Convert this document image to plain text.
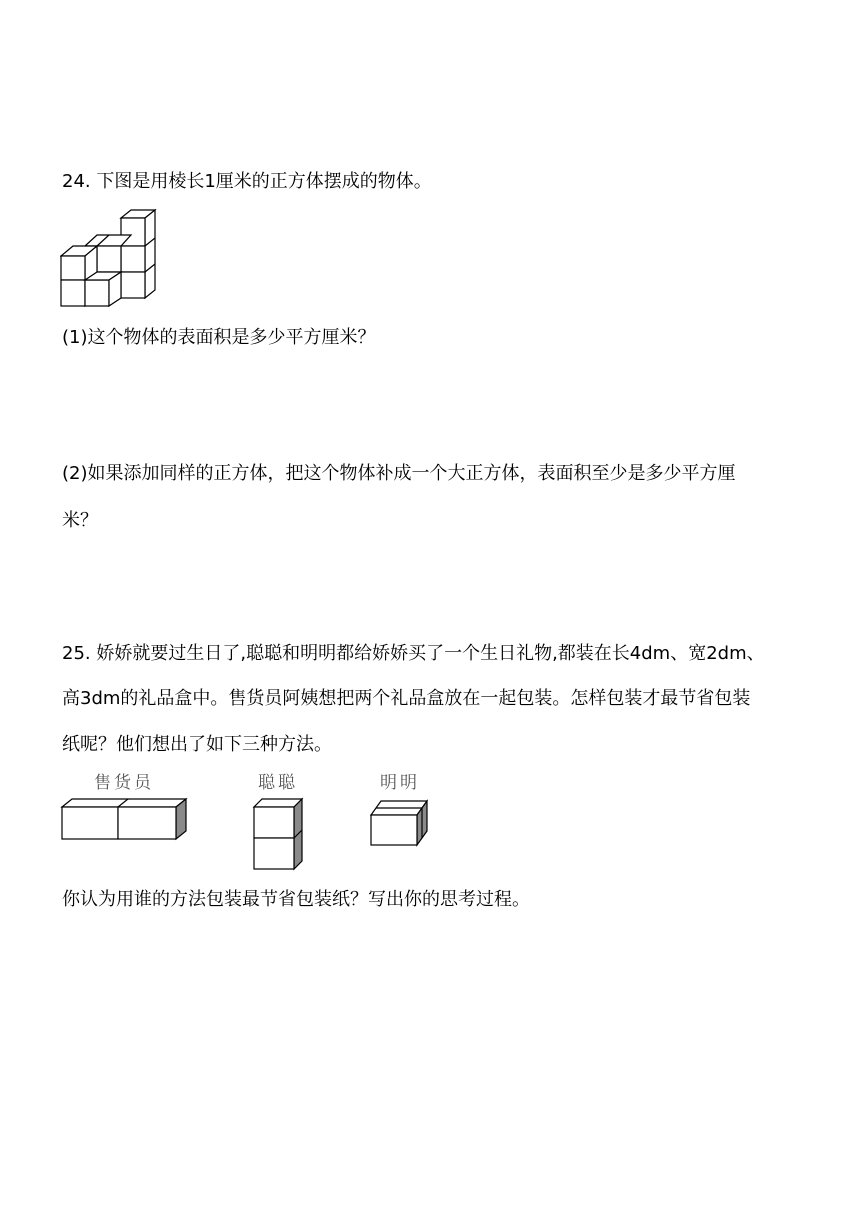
24. 下图是用棱长1厘米的正方体摆成的物体。
(1)这个物体的表面积是多少平方厘米？
(2)如果添加同样的正方体，把这个物体补成一个大正方体，表面积至少是多少平方厘
米？
25. 娇娇就要过生日了,聪聪和明明都给娇娇买了一个生日礼物,都装在长4dm、宽2dm、
高3dm的礼品盒中。售货员阿姨想把两个礼品盒放在一起包装。怎样包装才最节省包装
纸呢？他们想出了如下三种方法。
售货员	聪聪	明明
你认为用谁的方法包装最节省包装纸？写出你的思考过程。
